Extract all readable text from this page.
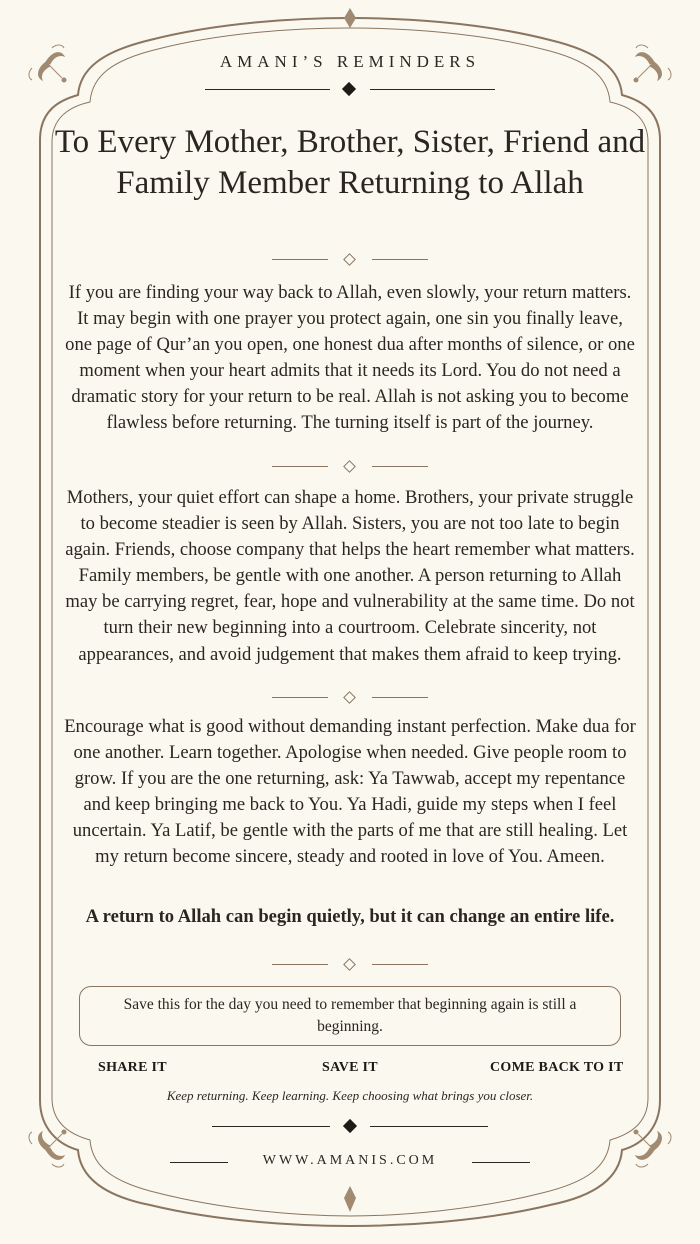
AMANI’S REMINDERS
To Every Mother, Brother, Sister, Friend and Family Member Returning to Allah

If you are finding your way back to Allah, even slowly, your return matters. It may begin with one prayer you protect again, one sin you finally leave, one page of Qur’an you open, one honest dua after months of silence, or one moment when your heart admits that it needs its Lord. You do not need a dramatic story for your return to be real. Allah is not asking you to become flawless before returning. The turning itself is part of the journey.

Mothers, your quiet effort can shape a home. Brothers, your private struggle to become steadier is seen by Allah. Sisters, you are not too late to begin again. Friends, choose company that helps the heart remember what matters. Family members, be gentle with one another. A person returning to Allah may be carrying regret, fear, hope and vulnerability at the same time. Do not turn their new beginning into a courtroom. Celebrate sincerity, not appearances, and avoid judgement that makes them afraid to keep trying.

Encourage what is good without demanding instant perfection. Make dua for one another. Learn together. Apologise when needed. Give people room to grow. If you are the one returning, ask: Ya Tawwab, accept my repentance and keep bringing me back to You. Ya Hadi, guide my steps when I feel uncertain. Ya Latif, be gentle with the parts of me that are still healing. Let my return become sincere, steady and rooted in love of You. Ameen.

A return to Allah can begin quietly, but it can change an entire life.

Save this for the day you need to remember that beginning again is still a beginning.
SHARE IT	SAVE IT	COME BACK TO IT
Keep returning. Keep learning. Keep choosing what brings you closer.
WWW.AMANIS.COM
